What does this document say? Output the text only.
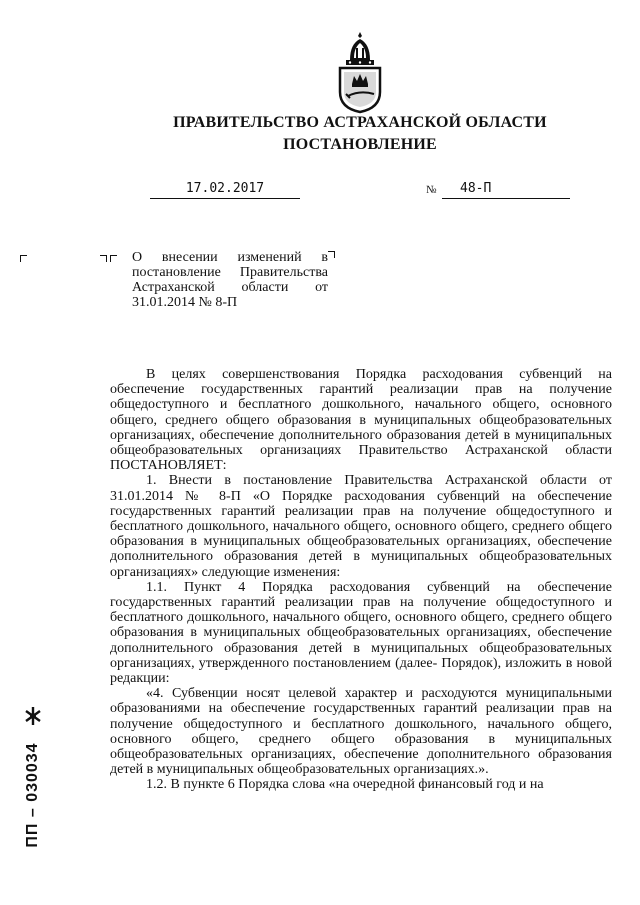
ПРАВИТЕЛЬСТВО АСТРАХАНСКОЙ ОБЛАСТИ
ПОСТАНОВЛЕНИЕ
17.02.2017	№	48-П
О внесении изменений в постановление Правительства Астраханской области от 31.01.2014 № 8-П

В целях совершенствования Порядка расходования субвенций на обеспечение государственных гарантий реализации прав на получение общедоступного и бесплатного дошкольного, начального общего, основного общего, среднего общего образования в муниципальных общеобразовательных организациях, обеспечение дополнительного образования детей в муниципальных общеобразовательных организациях Правительство Астраханской области ПОСТАНОВЛЯЕТ:

1. Внести в постановление Правительства Астраханской области от 31.01.2014 № 8-П «О Порядке расходования субвенций на обеспечение государственных гарантий реализации прав на получение общедоступного и бесплатного дошкольного, начального общего, основного общего, среднего общего образования в муниципальных общеобразовательных организациях, обеспечение дополнительного образования детей в муниципальных общеобразовательных организациях» следующие изменения:

1.1. Пункт 4 Порядка расходования субвенций на обеспечение государственных гарантий реализации прав на получение общедоступного и бесплатного дошкольного, начального общего, основного общего, среднего общего образования в муниципальных общеобразовательных организациях, обеспечение дополнительного образования детей в муниципальных общеобразовательных организациях, утвержденного постановлением (далее- Порядок), изложить в новой редакции:

«4. Субвенции носят целевой характер и расходуются муниципальными образованиями на обеспечение государственных гарантий реализации прав на получение общедоступного и бесплатного дошкольного, начального общего, основного общего, среднего общего образования в муниципальных общеобразовательных организациях, обеспечение дополнительного образования детей в муниципальных общеобразовательных организациях.».

1.2. В пункте 6 Порядка слова «на очередной финансовый год и на

ПП – 030034
